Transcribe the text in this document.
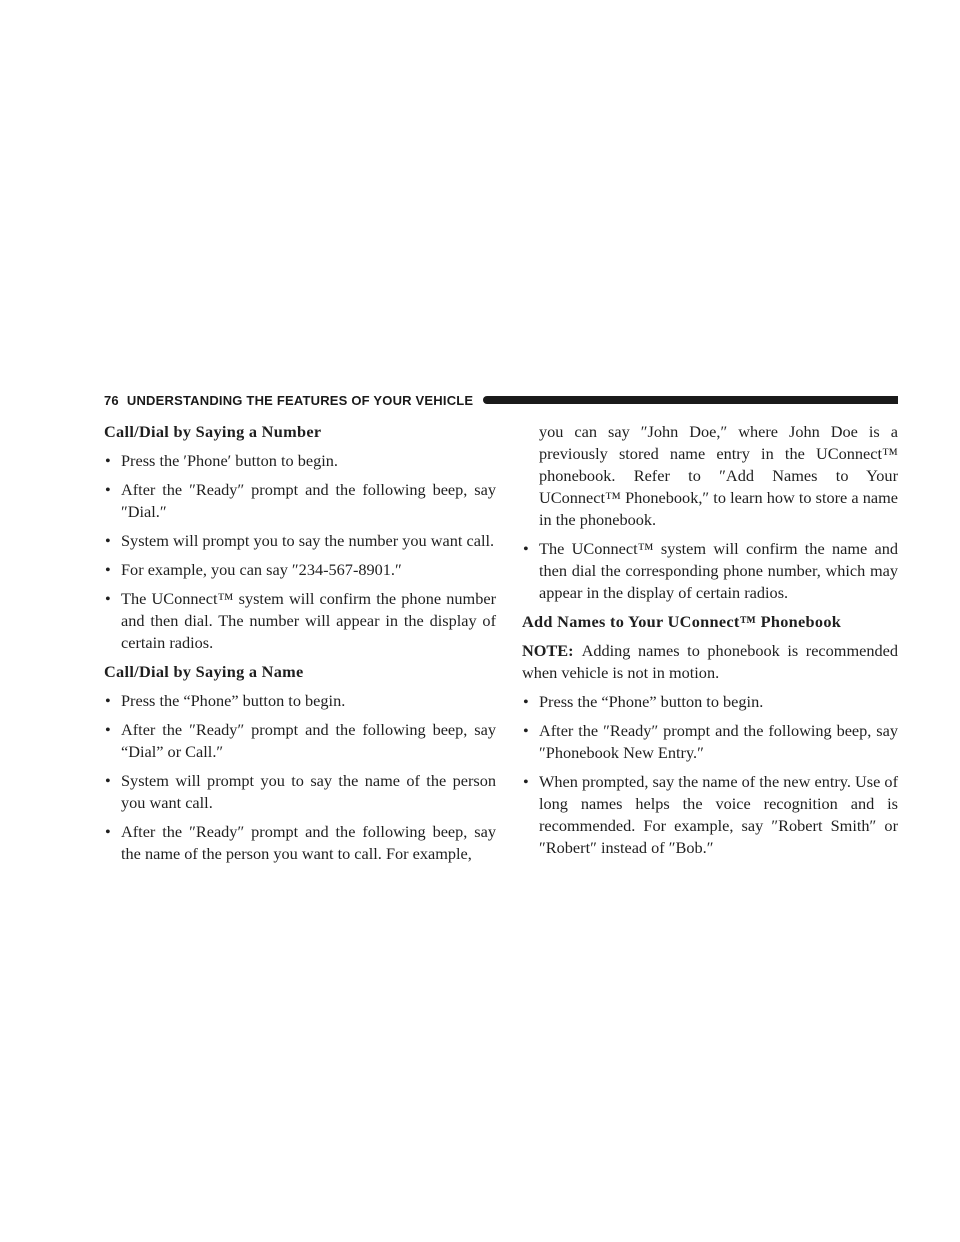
76 UNDERSTANDING THE FEATURES OF YOUR VEHICLE
Call/Dial by Saying a Number
• Press the ′Phone′ button to begin.
• After the ″Ready″ prompt and the following beep, say ″Dial.″
• System will prompt you to say the number you want call.
• For example, you can say ″234-567-8901.″
• The UConnect™ system will confirm the phone number and then dial. The number will appear in the display of certain radios.
Call/Dial by Saying a Name
• Press the “Phone” button to begin.
• After the ″Ready″ prompt and the following beep, say “Dial” or Call.″
• System will prompt you to say the name of the person you want call.
• After the ″Ready″ prompt and the following beep, say the name of the person you want to call. For example,
you can say ″John Doe,″ where John Doe is a previously stored name entry in the UConnect™ phonebook. Refer to ″Add Names to Your UConnect™ Phonebook,″ to learn how to store a name in the phonebook.
• The UConnect™ system will confirm the name and then dial the corresponding phone number, which may appear in the display of certain radios.
Add Names to Your UConnect™ Phonebook
NOTE: Adding names to phonebook is recommended when vehicle is not in motion.
• Press the “Phone” button to begin.
• After the ″Ready″ prompt and the following beep, say ″Phonebook New Entry.″
• When prompted, say the name of the new entry. Use of long names helps the voice recognition and is recommended. For example, say ″Robert Smith″ or ″Robert″ instead of ″Bob.″
